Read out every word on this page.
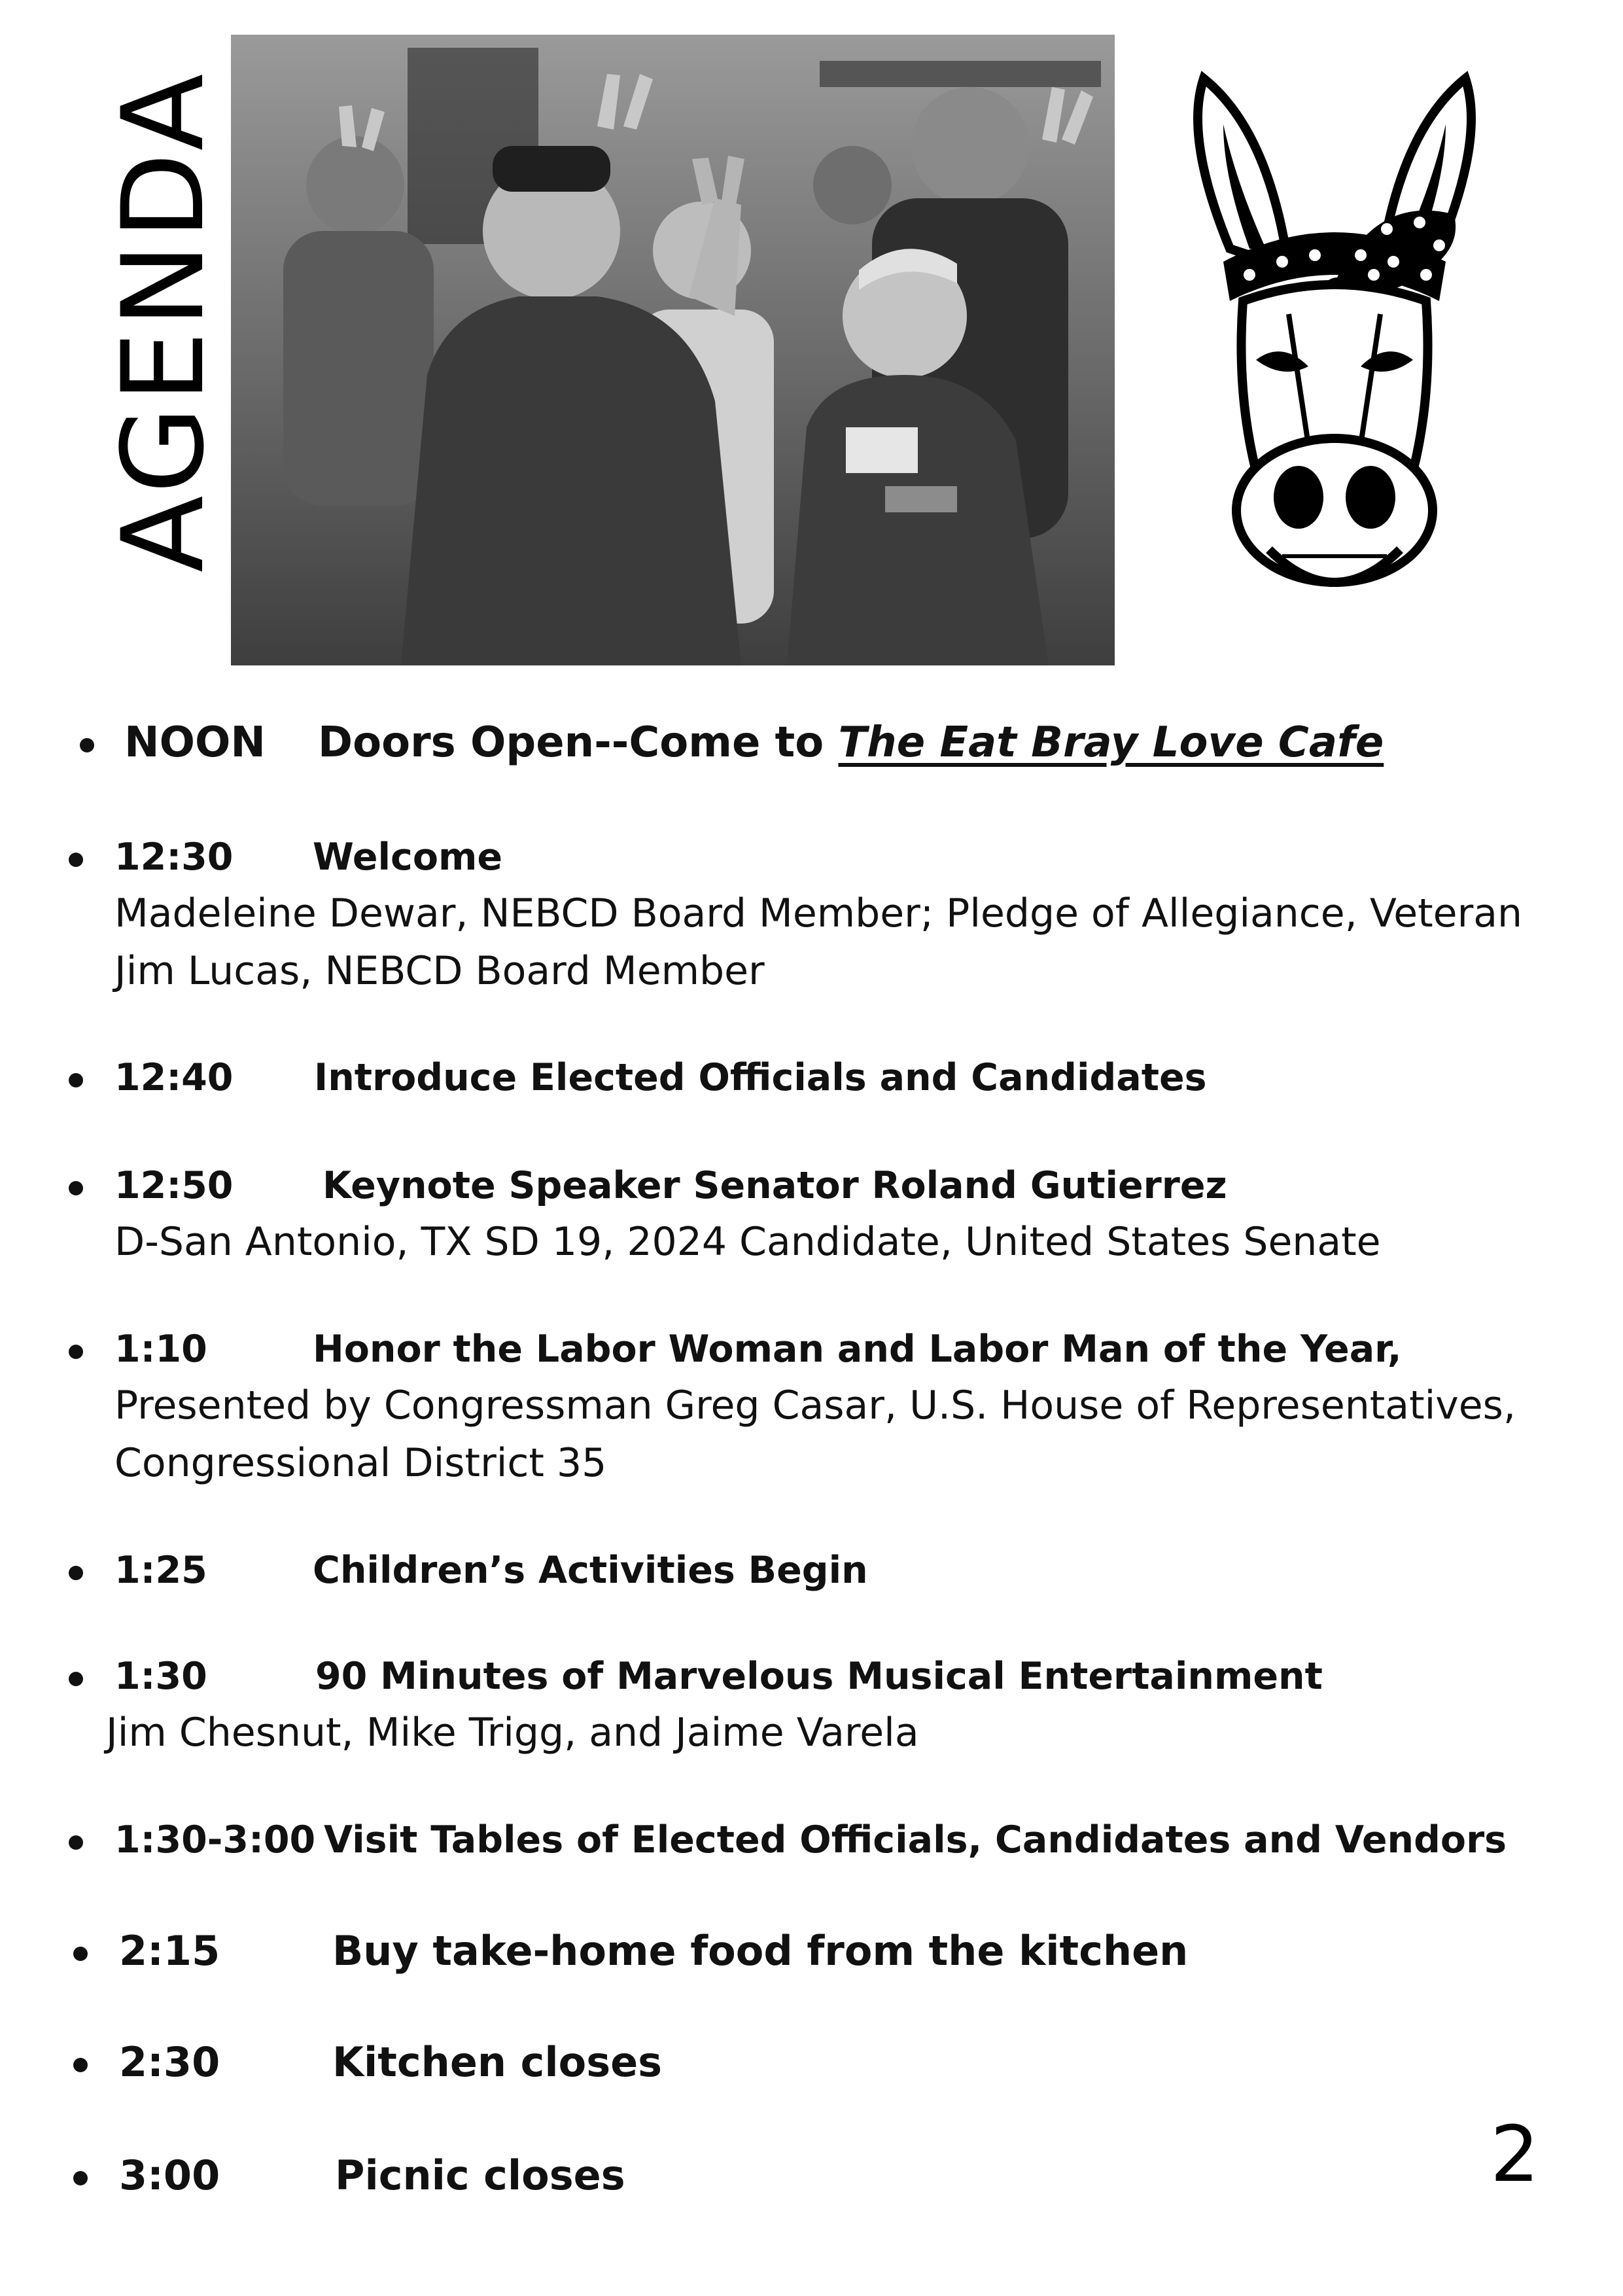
AGENDA
NOON Doors Open--Come to The Eat Bray Love Cafe
12:30 Welcome
Madeleine Dewar, NEBCD Board Member; Pledge of Allegiance, Veteran
Jim Lucas, NEBCD Board Member
12:40 Introduce Elected Officials and Candidates
12:50 Keynote Speaker Senator Roland Gutierrez
D-San Antonio, TX SD 19, 2024 Candidate, United States Senate
1:10	Honor the Labor Woman and Labor Man of the Year,
Presented by Congressman Greg Casar, U.S. House of Representatives,
Congressional District 35
1:25	Children’s Activities Begin
1:30	90 Minutes of Marvelous Musical Entertainment
Jim Chesnut, Mike Trigg, and Jaime Varela
1:30-3:00 Visit Tables of Elected Officials, Candidates and Vendors
2:15	Buy take-home food from the kitchen
2:30	Kitchen closes
3:00	Picnic closes	2
